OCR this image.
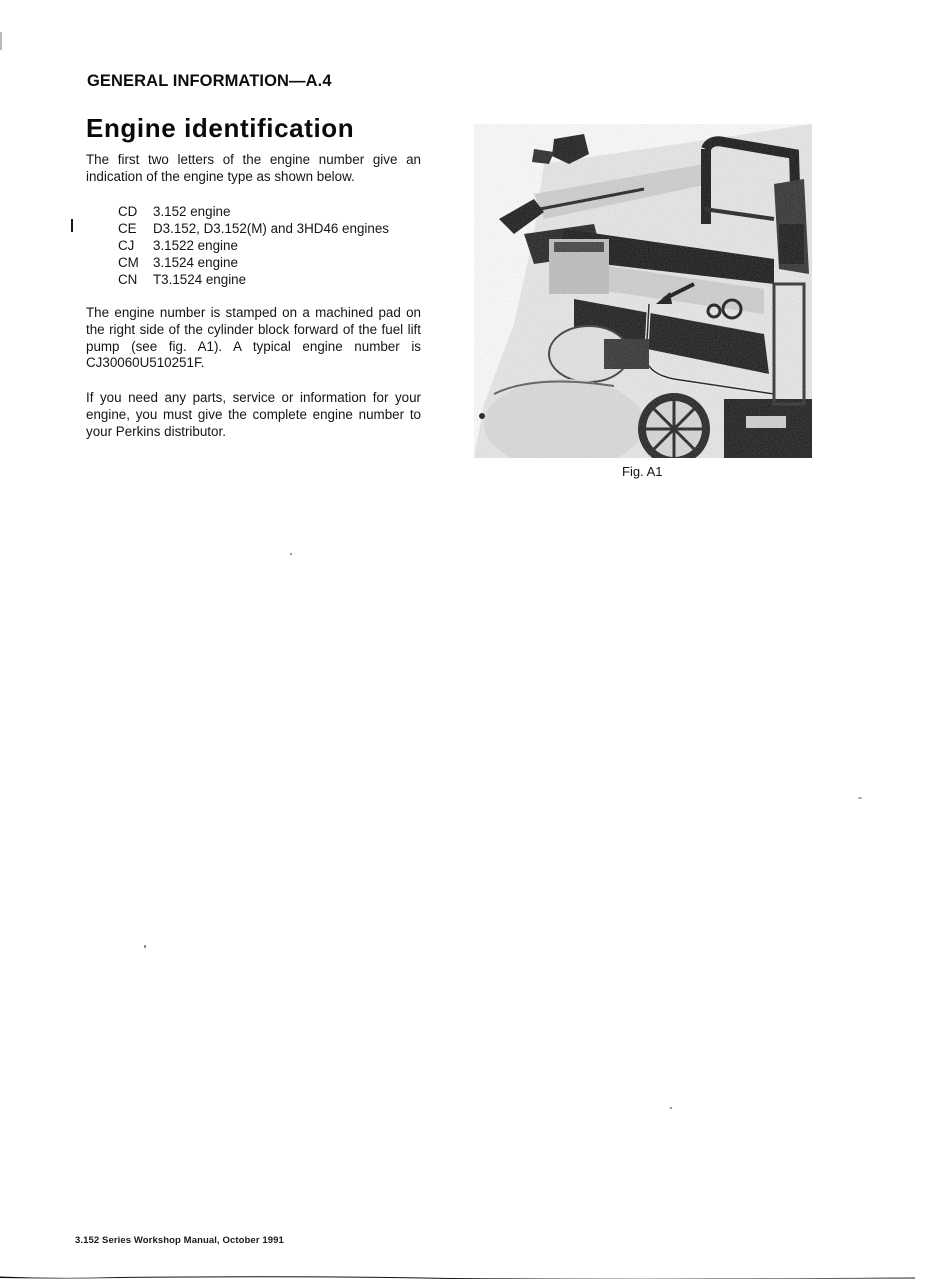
GENERAL INFORMATION—A.4
Engine identification

The first two letters of the engine number give an indication of the engine type as shown below.

CD	3.152 engine
CE	D3.152, D3.152(M) and 3HD46 engines
CJ	3.1522 engine
CM	3.1524 engine
CN	T3.1524 engine
The engine number is stamped on a machined pad on the right side of the cylinder block forward of the fuel lift pump (see fig. A1). A typical engine number is CJ30060U510251F.
If you need any parts, service or information for your engine, you must give the complete engine number to your Perkins distributor.
Fig. A1
3.152 Series Workshop Manual, October 1991
